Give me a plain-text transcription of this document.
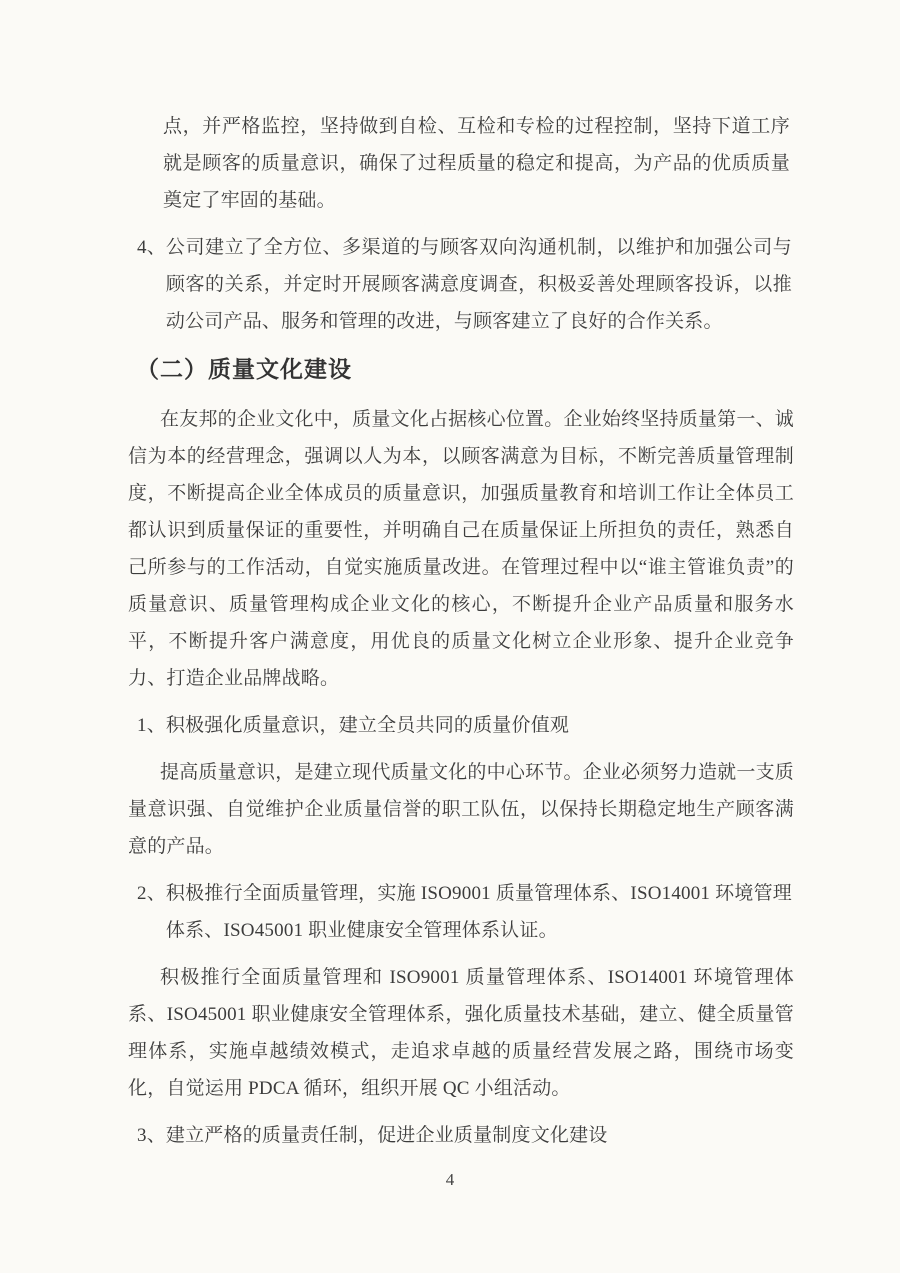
点，并严格监控，坚持做到自检、互检和专检的过程控制，坚持下道工序就是顾客的质量意识，确保了过程质量的稳定和提高，为产品的优质质量奠定了牢固的基础。

4、 公司建立了全方位、多渠道的与顾客双向沟通机制，以维护和加强公司与顾客的关系，并定时开展顾客满意度调查，积极妥善处理顾客投诉，以推动公司产品、服务和管理的改进，与顾客建立了良好的合作关系。
（二）质量文化建设

在友邦的企业文化中，质量文化占据核心位置。企业始终坚持质量第一、诚信为本的经营理念，强调以人为本，以顾客满意为目标，不断完善质量管理制度，不断提高企业全体成员的质量意识，加强质量教育和培训工作让全体员工都认识到质量保证的重要性，并明确自己在质量保证上所担负的责任，熟悉自己所参与的工作活动，自觉实施质量改进。在管理过程中以“谁主管谁负责”的质量意识、质量管理构成企业文化的核心，不断提升企业产品质量和服务水平，不断提升客户满意度，用优良的质量文化树立企业形象、提升企业竞争力、打造企业品牌战略。

1、 积极强化质量意识，建立全员共同的质量价值观

提高质量意识，是建立现代质量文化的中心环节。企业必须努力造就一支质量意识强、自觉维护企业质量信誉的职工队伍，以保持长期稳定地生产顾客满意的产品。

2、 积极推行全面质量管理，实施 ISO9001 质量管理体系、ISO14001 环境管理体系、ISO45001 职业健康安全管理体系认证。

积极推行全面质量管理和 ISO9001 质量管理体系、ISO14001 环境管理体系、ISO45001 职业健康安全管理体系，强化质量技术基础，建立、健全质量管理体系，实施卓越绩效模式，走追求卓越的质量经营发展之路，围绕市场变化，自觉运用 PDCA 循环，组织开展 QC 小组活动。

3、 建立严格的质量责任制，促进企业质量制度文化建设
4
